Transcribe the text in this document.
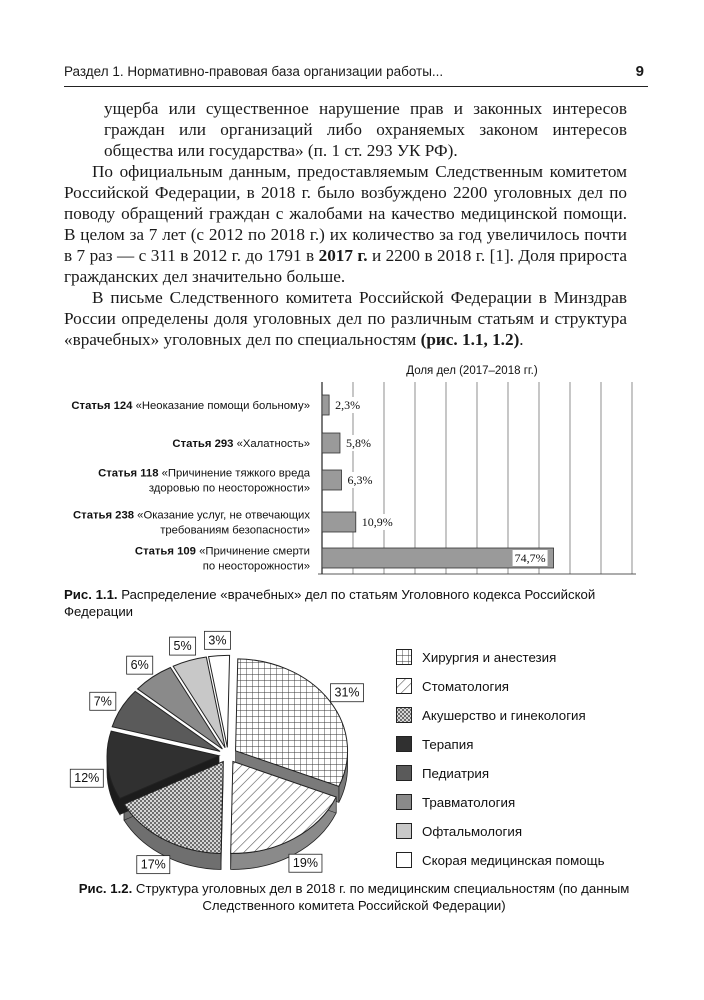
Раздел 1. Нормативно-правовая база организации работы...	9

ущерба или существенное нарушение прав и законных интересов граждан или организаций либо охраняемых законом интересов общества или государства» (п. 1 ст. 293 УК РФ).

По официальным данным, предоставляемым Следственным комитетом Российской Федерации, в 2018 г. было возбуждено 2200 уголовных дел по поводу обращений граждан с жалобами на качество медицинской помощи. В целом за 7 лет (с 2012 по 2018 г.) их количество за год увеличилось почти в 7 раз — с 311 в 2012 г. до 1791 в 2017 г. и 2200 в 2018 г. [1]. Доля прироста гражданских дел значительно больше.

В письме Следственного комитета Российской Федерации в Минздрав России определены доля уголовных дел по различным статьям и структура «врачебных» уголовных дел по специальностям (рис. 1.1, 1.2).

Доля дел (2017–2018 гг.)
Статья 124 «Неоказание помощи больному»
Статья 293 «Халатность»
Статья 118 «Причинение тяжкого вреда
здоровью по неосторожности»
Статья 238 «Оказание услуг, не отвечающих
требованиям безопасности»
Статья 109 «Причинение смерти
по неосторожности»
2,3%
5,8%
6,3%
10,9%
74,7%
Рис. 1.1. Распределение «врачебных» дел по статьям Уголовного кодекса Российской Федерации
31%
19%
17%
12%
7%
6%
5% 3%
Хирургия и анестезия
Стоматология
Акушерство и гинекология
Терапия
Педиатрия
Травматология
Офтальмология
Скорая медицинская помощь
Рис. 1.2. Структура уголовных дел в 2018 г. по медицинским специальностям (по данным Следственного комитета Российской Федерации)
